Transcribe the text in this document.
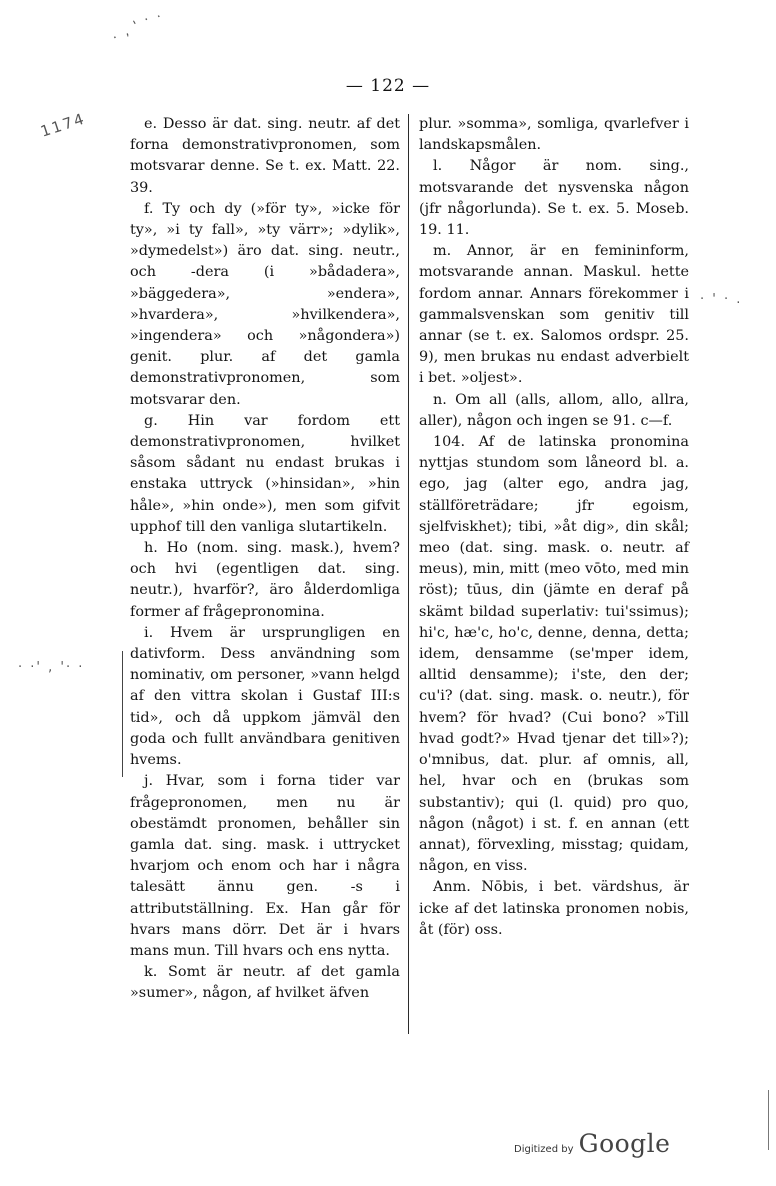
— 122 —
1174
· , ' · .
· ·' , '· ·
· ' · .

e. Desso är dat. sing. neutr. af det forna demonstrativpronomen, som motsvarar denne. Se t. ex. Matt. 22. 39.

f. Ty och dy (»för ty», »icke för ty», »i ty fall», »ty värr»; »dylik», »dymedelst») äro dat. sing. neutr., och -dera (i »bådadera», »bäggedera», »endera», »hvardera», »hvilkendera», »ingendera» och »någondera») genit. plur. af det gamla demonstrativpronomen, som motsvarar den.

g. Hin var fordom ett demonstrativpronomen, hvilket såsom sådant nu endast brukas i enstaka uttryck (»hinsidan», »hin håle», »hin onde»), men som gifvit upphof till den vanliga slutartikeln.

h. Ho (nom. sing. mask.), hvem? och hvi (egentligen dat. sing. neutr.), hvarför?, äro ålderdomliga former af frågepronomina.

i. Hvem är ursprungligen en dativform. Dess användning som nominativ, om personer, »vann helgd af den vittra skolan i Gustaf III:s tid», och då uppkom jämväl den goda och fullt användbara genitiven hvems.

j. Hvar, som i forna tider var frågepronomen, men nu är obestämdt pronomen, behåller sin gamla dat. sing. mask. i uttrycket hvarjom och enom och har i några talesätt ännu gen. -s i attributställning. Ex. Han går för hvars mans dörr. Det är i hvars mans mun. Till hvars och ens nytta.

k. Somt är neutr. af det gamla »sumer», någon, af hvilket äfven

plur. »somma», somliga, qvarlefver i landskapsmålen.

l. Någor är nom. sing., motsvarande det nysvenska någon (jfr någorlunda). Se t. ex. 5. Moseb. 19. 11.

m. Annor, är en femininform, motsvarande annan. Maskul. hette fordom annar. Annars förekommer i gammalsvenskan som genitiv till annar (se t. ex. Salomos ordspr. 25. 9), men brukas nu endast adverbielt i bet. »oljest».

n. Om all (alls, allom, allo, allra, aller), någon och ingen se 91. c—f.

104. Af de latinska pronomina nyttjas stundom som låneord bl. a. ego, jag (alter ego, andra jag, ställföreträdare; jfr egoism, sjelfviskhet); tibi, »åt dig», din skål; meo (dat. sing. mask. o. neutr. af meus), min, mitt (meo vōto, med min röst); tūus, din (jämte en deraf på skämt bildad superlativ: tui'ssimus); hi'c, hæ'c, ho'c, denne, denna, detta; idem, densamme (se'mper idem, alltid densamme); i'ste, den der; cu'i? (dat. sing. mask. o. neutr.), för hvem? för hvad? (Cui bono? »Till hvad godt?» Hvad tjenar det till»?); o'mnibus, dat. plur. af omnis, all, hel, hvar och en (brukas som substantiv); qui (l. quid) pro quo, någon (något) i st. f. en annan (ett annat), förvexling, misstag; quidam, någon, en viss.

Anm. Nōbis, i bet. värdshus, är icke af det latinska pronomen nobis, åt (för) oss.

Digitized by Google
